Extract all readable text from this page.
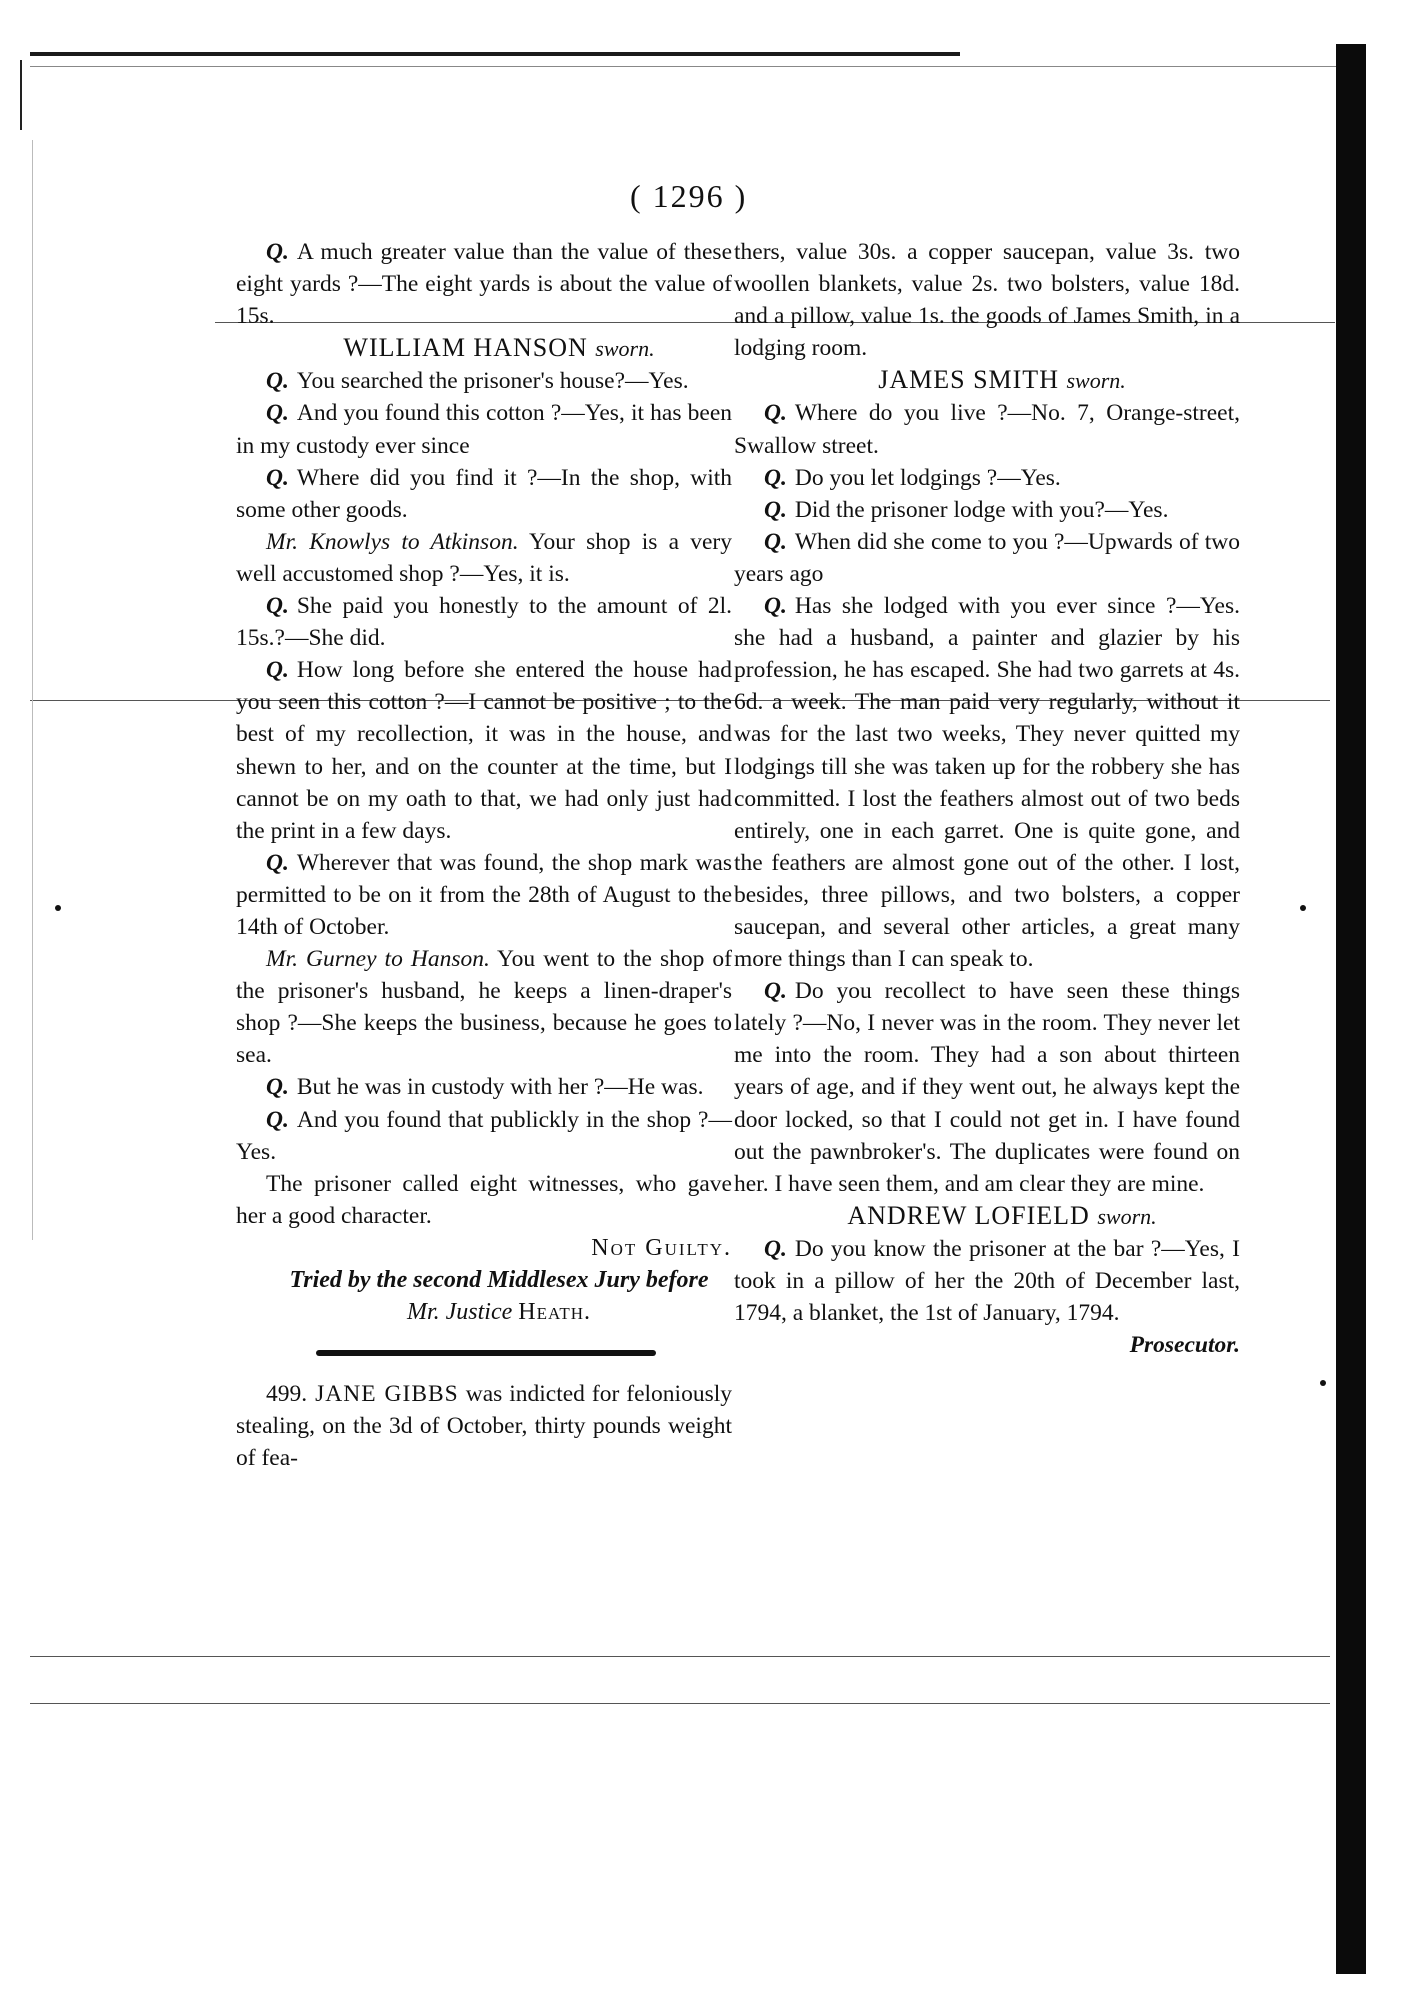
( 1296 )

Q. A much greater value than the value of these eight yards ?—The eight yards is about the value of 15s.

WILLIAM HANSON sworn.

Q. You searched the prisoner's house?—Yes.

Q. And you found this cotton ?—Yes, it has been in my custody ever since

Q. Where did you find it ?—In the shop, with some other goods.

Mr. Knowlys to Atkinson. Your shop is a very well accustomed shop ?—Yes, it is.

Q. She paid you honestly to the amount of 2l. 15s.?—She did.

Q. How long before she entered the house had you seen this cotton ?—I cannot be positive ; to the best of my recollection, it was in the house, and shewn to her, and on the counter at the time, but I cannot be on my oath to that, we had only just had the print in a few days.

Q. Wherever that was found, the shop mark was permitted to be on it from the 28th of August to the 14th of October.

Mr. Gurney to Hanson. You went to the shop of the prisoner's husband, he keeps a linen-draper's shop ?—She keeps the business, because he goes to sea.

Q. But he was in custody with her ?—He was.

Q. And you found that publickly in the shop ?—Yes.

The prisoner called eight witnesses, who gave her a good character.

Not Guilty.

Tried by the second Middlesex Jury before

Mr. Justice Heath.

499. JANE GIBBS was indicted for feloniously stealing, on the 3d of October, thirty pounds weight of fea-

thers, value 30s. a copper saucepan, value 3s. two woollen blankets, value 2s. two bolsters, value 18d. and a pillow, value 1s. the goods of James Smith, in a lodging room.

JAMES SMITH sworn.

Q. Where do you live ?—No. 7, Orange-street, Swallow street.

Q. Do you let lodgings ?—Yes.

Q. Did the prisoner lodge with you?—Yes.

Q. When did she come to you ?—Upwards of two years ago

Q. Has she lodged with you ever since ?—Yes. she had a husband, a painter and glazier by his profession, he has escaped. She had two garrets at 4s. 6d. a week. The man paid very regularly, without it was for the last two weeks, They never quitted my lodgings till she was taken up for the robbery she has committed. I lost the feathers almost out of two beds entirely, one in each garret. One is quite gone, and the feathers are almost gone out of the other. I lost, besides, three pillows, and two bolsters, a copper saucepan, and several other articles, a great many more things than I can speak to.

Q. Do you recollect to have seen these things lately ?—No, I never was in the room. They never let me into the room. They had a son about thirteen years of age, and if they went out, he always kept the door locked, so that I could not get in. I have found out the pawnbroker's. The duplicates were found on her. I have seen them, and am clear they are mine.

ANDREW LOFIELD sworn.

Q. Do you know the prisoner at the bar ?—Yes, I took in a pillow of her the 20th of December last, 1794, a blanket, the 1st of January, 1794.

Prosecutor.
